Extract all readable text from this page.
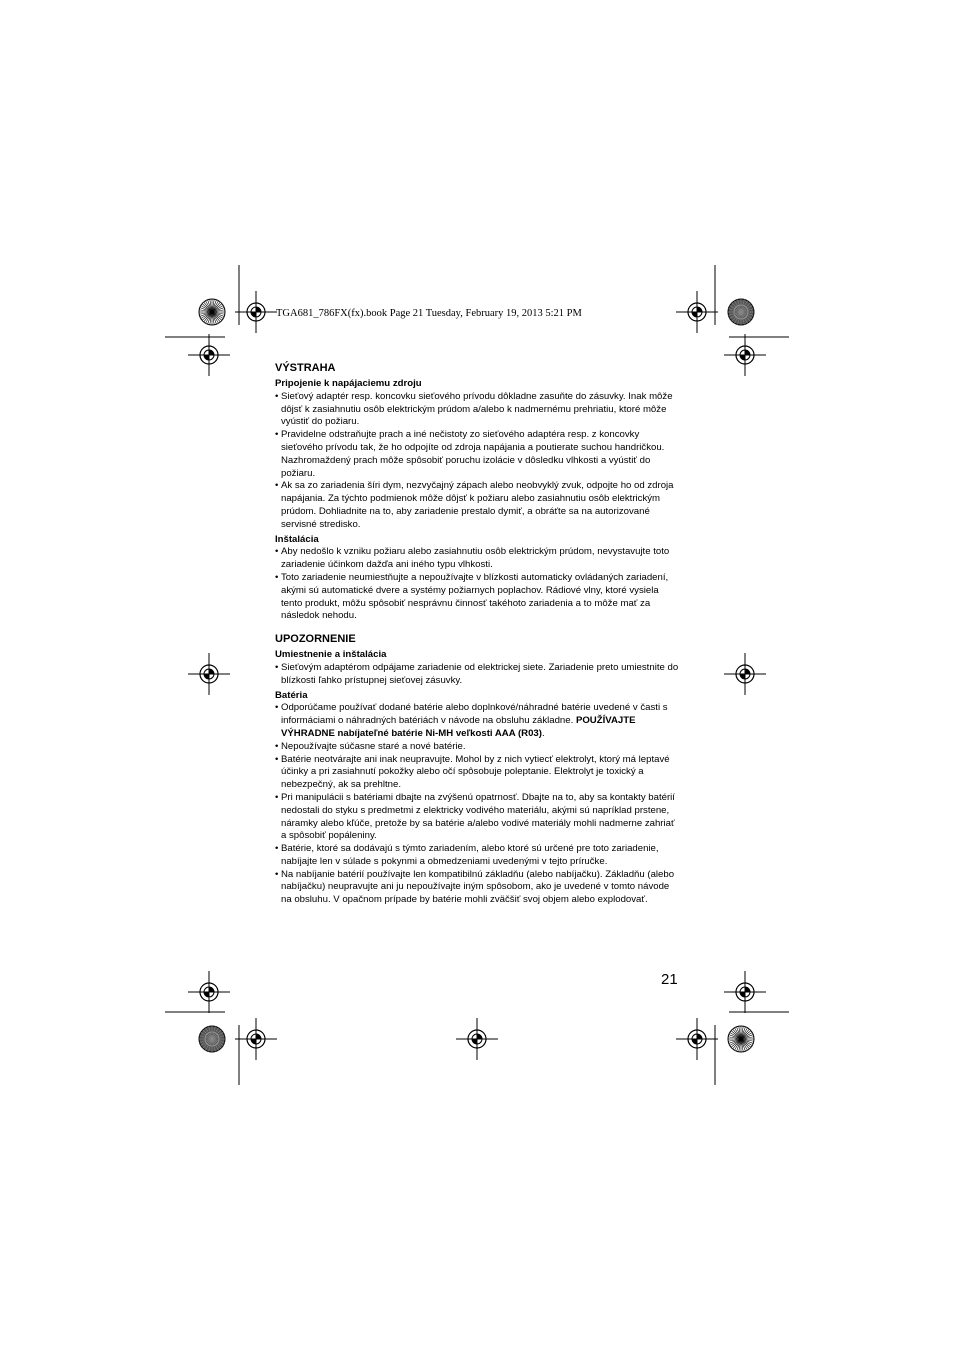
TGA681_786FX(fx).book Page 21 Tuesday, February 19, 2013 5:21 PM
VÝSTRAHA
Pripojenie k napájaciemu zdroju
• Sieťový adaptér resp. koncovku sieťového prívodu dôkladne zasuňte do zásuvky. Inak môže dôjsť k zasiahnutiu osôb elektrickým prúdom a/alebo k nadmernému prehriatiu, ktoré môže vyústiť do požiaru.
• Pravidelne odstraňujte prach a iné nečistoty zo sieťového adaptéra resp. z koncovky sieťového prívodu tak, že ho odpojíte od zdroja napájania a poutierate suchou handričkou. Nazhromaždený prach môže spôsobiť poruchu izolácie v dôsledku vlhkosti a vyústiť do požiaru.
• Ak sa zo zariadenia šíri dym, nezvyčajný zápach alebo neobvyklý zvuk, odpojte ho od zdroja napájania. Za týchto podmienok môže dôjsť k požiaru alebo zasiahnutiu osôb elektrickým prúdom. Dohliadnite na to, aby zariadenie prestalo dymiť, a obráťte sa na autorizované servisné stredisko.
Inštalácia
• Aby nedošlo k vzniku požiaru alebo zasiahnutiu osôb elektrickým prúdom, nevystavujte toto zariadenie účinkom dažďa ani iného typu vlhkosti.
• Toto zariadenie neumiestňujte a nepoužívajte v blízkosti automaticky ovládaných zariadení, akými sú automatické dvere a systémy požiarnych poplachov. Rádiové vlny, ktoré vysiela tento produkt, môžu spôsobiť nesprávnu činnosť takéhoto zariadenia a to môže mať za následok nehodu.
UPOZORNENIE
Umiestnenie a inštalácia
• Sieťovým adaptérom odpájame zariadenie od elektrickej siete. Zariadenie preto umiestnite do blízkosti ľahko prístupnej sieťovej zásuvky.
Batéria
• Odporúčame používať dodané batérie alebo doplnkové/náhradné batérie uvedené v časti s informáciami o náhradných batériách v návode na obsluhu základne. POUŽÍVAJTE VÝHRADNE nabíjateľné batérie Ni-MH veľkosti AAA (R03).
• Nepoužívajte súčasne staré a nové batérie.
• Batérie neotvárajte ani inak neupravujte. Mohol by z nich vytiecť elektrolyt, ktorý má leptavé účinky a pri zasiahnutí pokožky alebo očí spôsobuje poleptanie. Elektrolyt je toxický a nebezpečný, ak sa prehltne.
• Pri manipulácii s batériami dbajte na zvýšenú opatrnosť. Dbajte na to, aby sa kontakty batérií nedostali do styku s predmetmi z elektricky vodivého materiálu, akými sú napríklad prstene, náramky alebo kľúče, pretože by sa batérie a/alebo vodivé materiály mohli nadmerne zahriať a spôsobiť popáleniny.
• Batérie, ktoré sa dodávajú s týmto zariadením, alebo ktoré sú určené pre toto zariadenie, nabíjajte len v súlade s pokynmi a obmedzeniami uvedenými v tejto príručke.
• Na nabíjanie batérií používajte len kompatibilnú základňu (alebo nabíjačku). Základňu (alebo nabíjačku) neupravujte ani ju nepoužívajte iným spôsobom, ako je uvedené v tomto návode na obsluhu. V opačnom prípade by batérie mohli zväčšiť svoj objem alebo explodovať.
21
